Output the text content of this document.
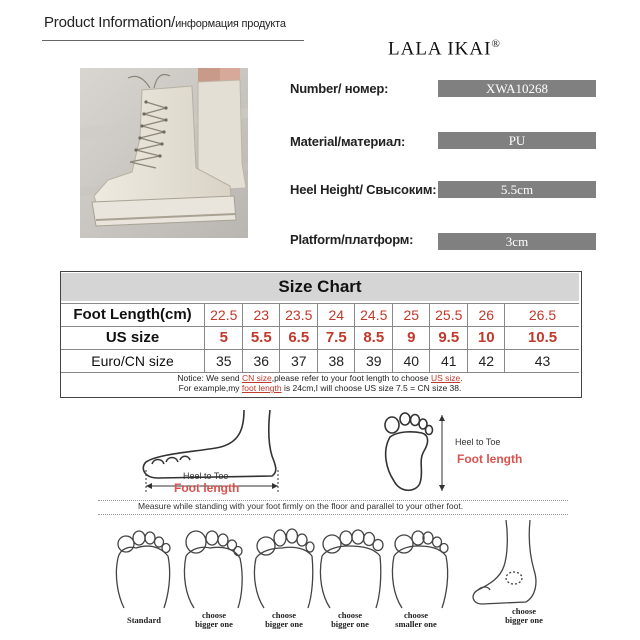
Product Information/информация продукта
LALA IKAI®
Number/ номер:	XWA10268
Material/материал:	PU
Heel Height/ Свысоким:	5.5cm
Platform/платформ:	3cm
Size Chart
Foot Length(cm)	22.5	23	23.5	24	24.5	25	25.5	26	26.5
US size	5	5.5	6.5	7.5	8.5	9	9.5	10	10.5
Euro/CN size	35	36	37	38	39	40	41	42	43
Notice: We send CN size,please refer to your foot length to choose US size.
For example,my foot length is 24cm,I will choose US size 7.5 = CN size 38.
Heel to Toe
Foot length
Heel to Toe
Foot length
Measure while standing with your foot firmly on the floor and parallel to your other foot.
Standard	choose
bigger one
choose
bigger one
choose
bigger one
choose
smaller one
choose
bigger one
